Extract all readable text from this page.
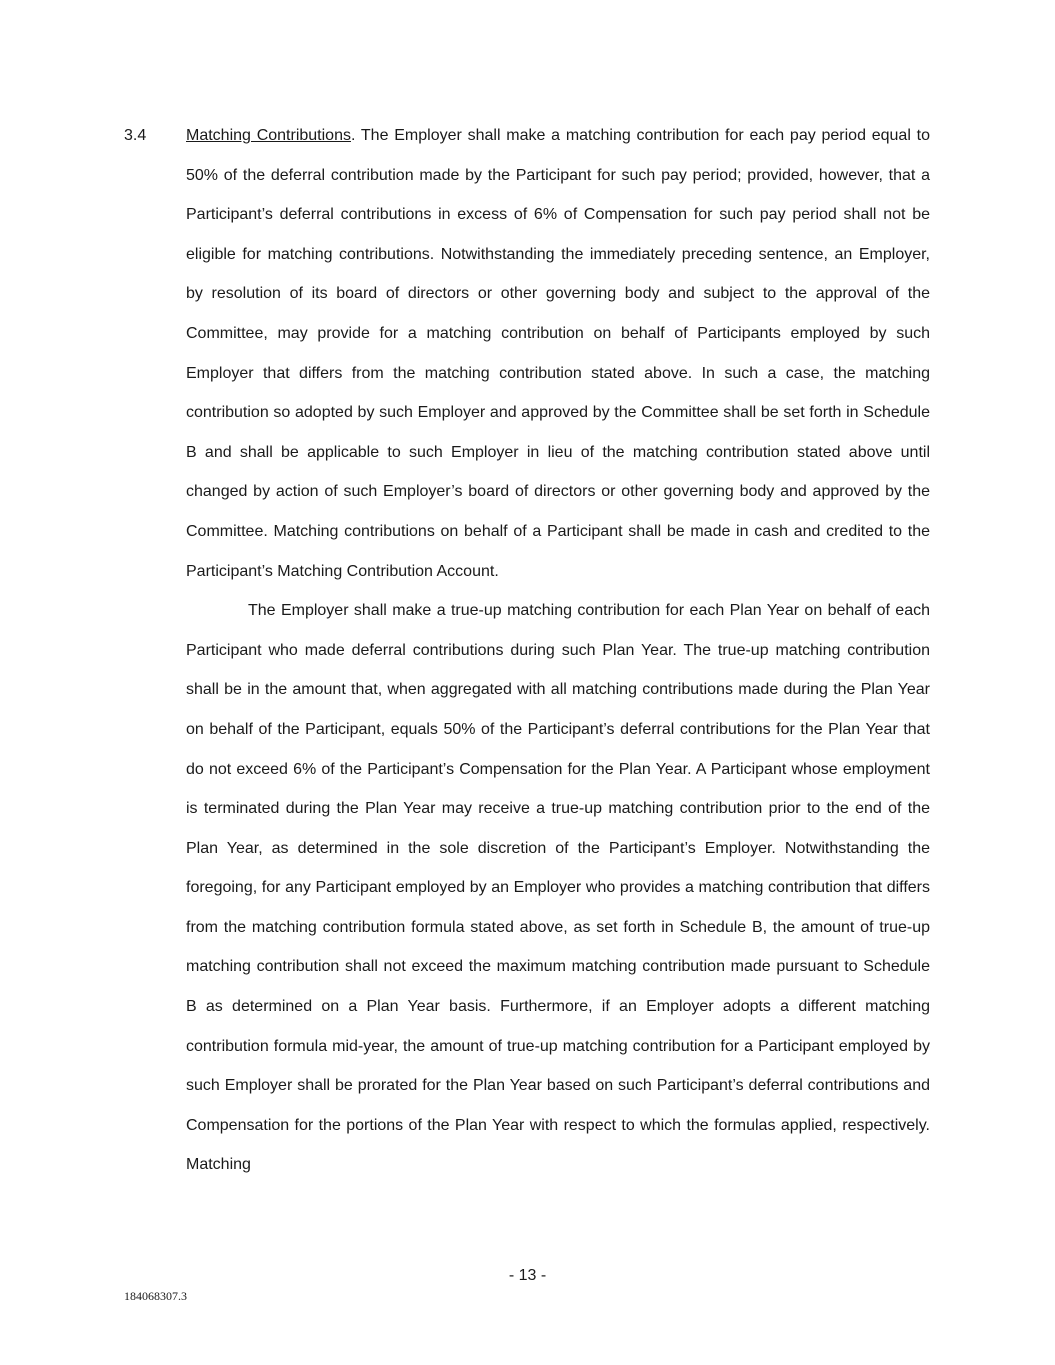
3.4 Matching Contributions. The Employer shall make a matching contribution for each pay period equal to 50% of the deferral contribution made by the Participant for such pay period; provided, however, that a Participant’s deferral contributions in excess of 6% of Compensation for such pay period shall not be eligible for matching contributions. Notwithstanding the immediately preceding sentence, an Employer, by resolution of its board of directors or other governing body and subject to the approval of the Committee, may provide for a matching contribution on behalf of Participants employed by such Employer that differs from the matching contribution stated above. In such a case, the matching contribution so adopted by such Employer and approved by the Committee shall be set forth in Schedule B and shall be applicable to such Employer in lieu of the matching contribution stated above until changed by action of such Employer’s board of directors or other governing body and approved by the Committee. Matching contributions on behalf of a Participant shall be made in cash and credited to the Participant’s Matching Contribution Account.

The Employer shall make a true-up matching contribution for each Plan Year on behalf of each Participant who made deferral contributions during such Plan Year. The true-up matching contribution shall be in the amount that, when aggregated with all matching contributions made during the Plan Year on behalf of the Participant, equals 50% of the Participant’s deferral contributions for the Plan Year that do not exceed 6% of the Participant’s Compensation for the Plan Year. A Participant whose employment is terminated during the Plan Year may receive a true-up matching contribution prior to the end of the Plan Year, as determined in the sole discretion of the Participant’s Employer. Notwithstanding the foregoing, for any Participant employed by an Employer who provides a matching contribution that differs from the matching contribution formula stated above, as set forth in Schedule B, the amount of true-up matching contribution shall not exceed the maximum matching contribution made pursuant to Schedule B as determined on a Plan Year basis. Furthermore, if an Employer adopts a different matching contribution formula mid-year, the amount of true-up matching contribution for a Participant employed by such Employer shall be prorated for the Plan Year based on such Participant’s deferral contributions and Compensation for the portions of the Plan Year with respect to which the formulas applied, respectively. Matching

- 13 -
184068307.3
